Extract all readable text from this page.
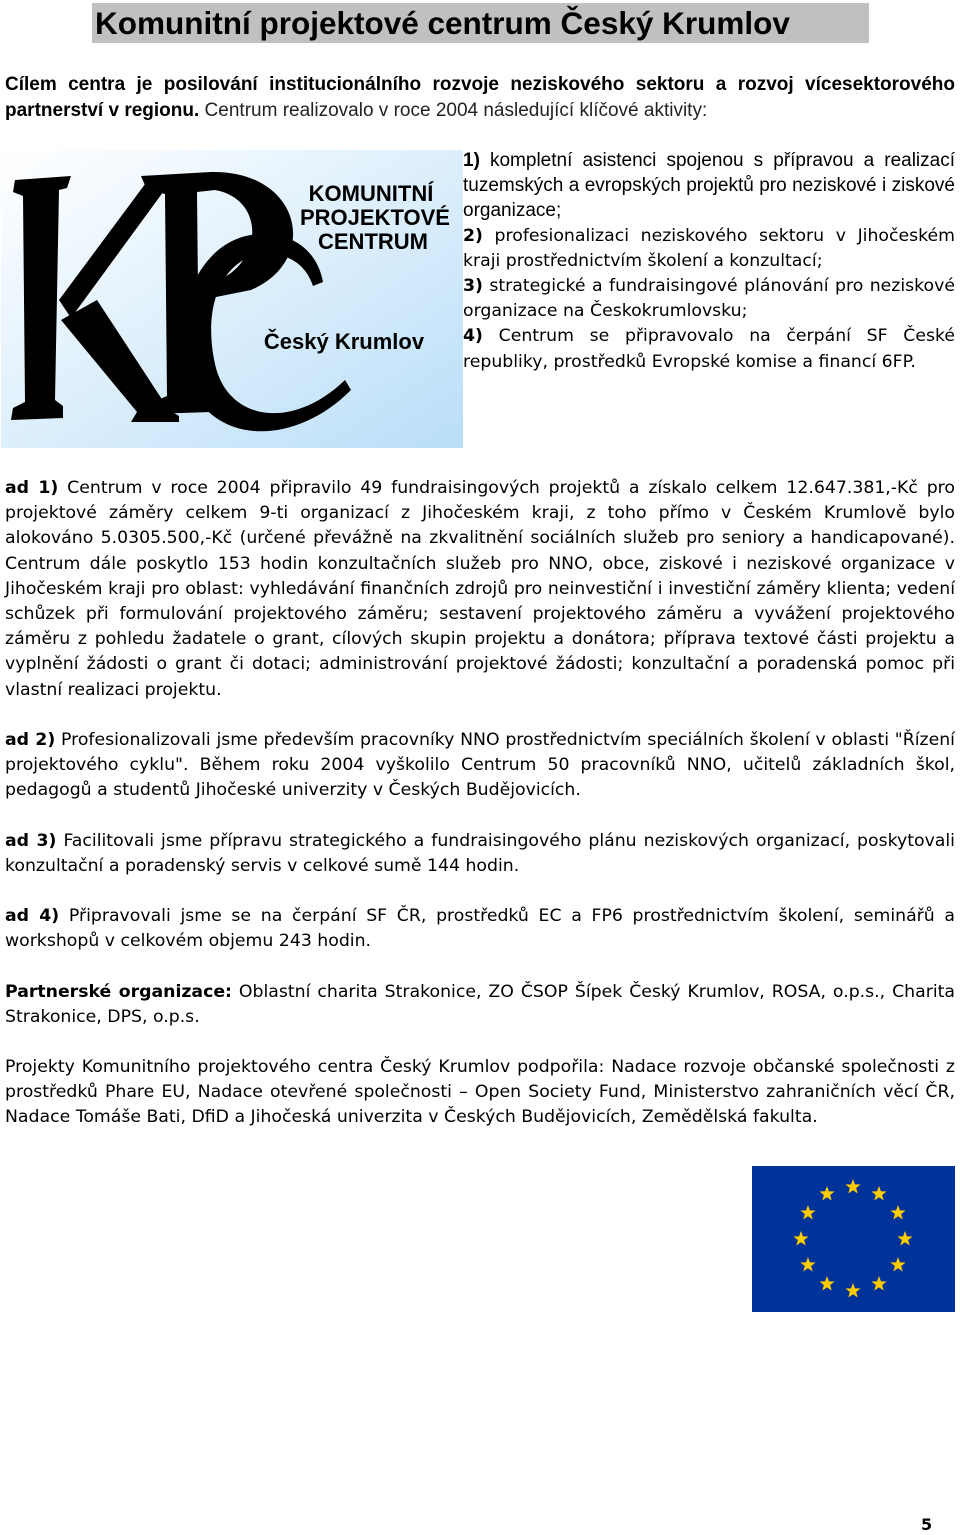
Komunitní projektové centrum Český Krumlov
Cílem centra je posilování institucionálního rozvoje neziskového sektoru a rozvoj vícesektorového partnerství v regionu. Centrum realizovalo v roce 2004 následující klíčové aktivity:
KOMUNITNÍ
PROJEKTOVÉ
CENTRUM
Český Krumlov

1) kompletní asistenci spojenou s přípravou a realizací tuzemských a evropských projektů pro neziskové i ziskové organizace;

2) profesionalizaci neziskového sektoru v Jihočeském kraji prostřednictvím školení a konzultací;

3) strategické a fundraisingové plánování pro neziskové organizace na Českokrumlovsku;

4) Centrum se připravovalo na čerpání SF České republiky, prostředků Evropské komise a financí 6FP.

ad 1) Centrum v roce 2004 připravilo 49 fundraisingových projektů a získalo celkem 12.647.381,-Kč pro projektové záměry celkem 9-ti organizací z Jihočeském kraji, z toho přímo v Českém Krumlově bylo alokováno 5.0305.500,-Kč (určené převážně na zkvalitnění sociálních služeb pro seniory a handicapované). Centrum dále poskytlo 153 hodin konzultačních služeb pro NNO, obce, ziskové i neziskové organizace v Jihočeském kraji pro oblast: vyhledávání finančních zdrojů pro neinvestiční i investiční záměry klienta; vedení schůzek při formulování projektového záměru; sestavení projektového záměru a vyvážení projektového záměru z pohledu žadatele o grant, cílových skupin projektu a donátora; příprava textové části projektu a vyplnění žádosti o grant či dotaci; administrování projektové žádosti; konzultační a poradenská pomoc při vlastní realizaci projektu.

ad 2) Profesionalizovali jsme především pracovníky NNO prostřednictvím speciálních školení v oblasti "Řízení projektového cyklu". Během roku 2004 vyškolilo Centrum 50 pracovníků NNO, učitelů základních škol, pedagogů a studentů Jihočeské univerzity v Českých Budějovicích.

ad 3) Facilitovali jsme přípravu strategického a fundraisingového plánu neziskových organizací, poskytovali konzultační a poradenský servis v celkové sumě 144 hodin.

ad 4) Připravovali jsme se na čerpání SF ČR, prostředků EC a FP6 prostřednictvím školení, seminářů a workshopů v celkovém objemu 243 hodin.

Partnerské organizace: Oblastní charita Strakonice, ZO ČSOP Šípek Český Krumlov, ROSA, o.p.s., Charita Strakonice, DPS, o.p.s.

Projekty Komunitního projektového centra Český Krumlov podpořila: Nadace rozvoje občanské společnosti z prostředků Phare EU, Nadace otevřené společnosti – Open Society Fund, Ministerstvo zahraničních věcí ČR, Nadace Tomáše Bati, DfiD a Jihočeská univerzita v Českých Budějovicích, Zemědělská fakulta.

5
